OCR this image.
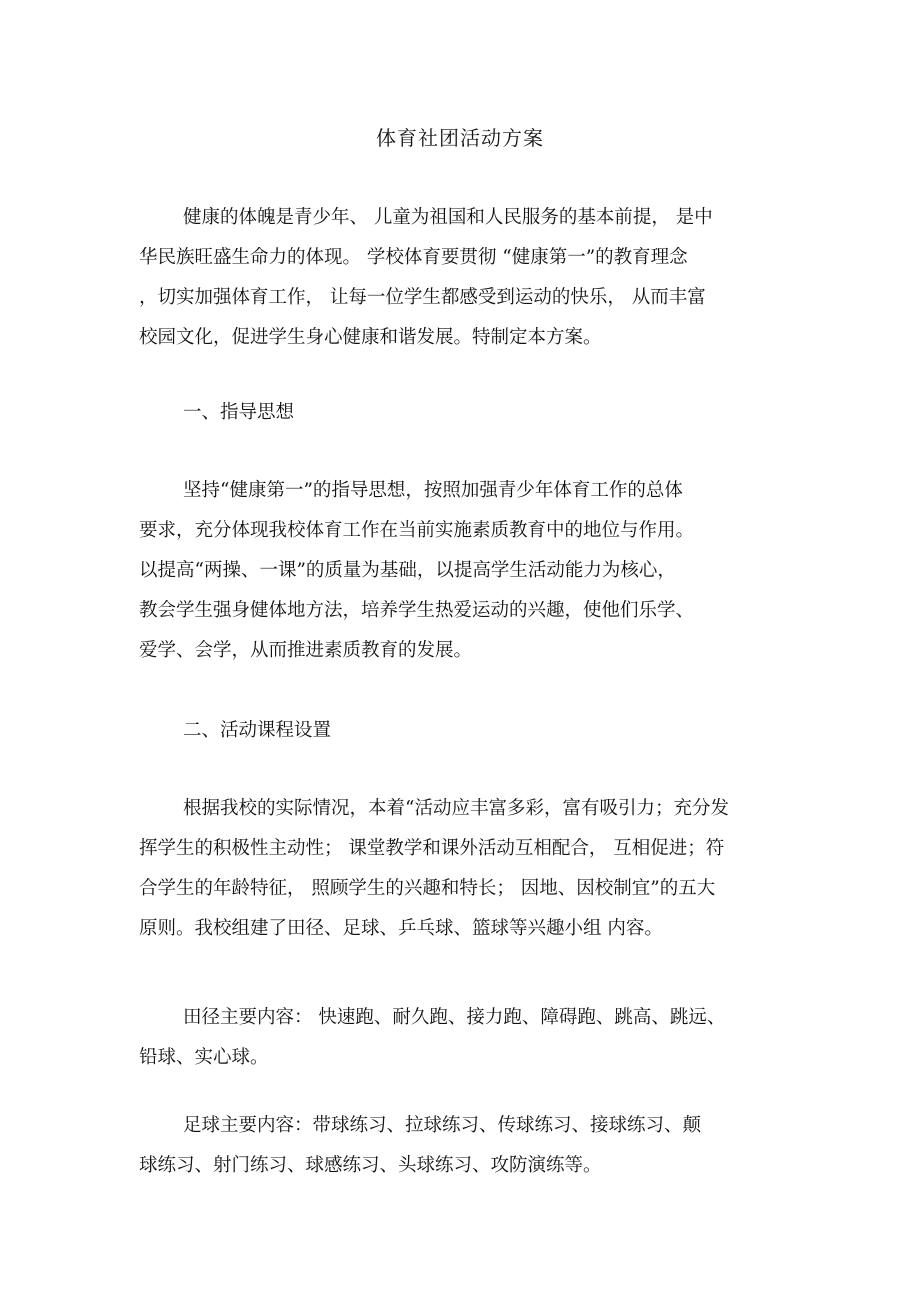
体育社团活动方案
健康的体魄是青少年、 儿童为祖国和人民服务的基本前提， 是中
华民族旺盛生命力的体现。 学校体育要贯彻 “健康第一”的教育理念
，切实加强体育工作， 让每一位学生都感受到运动的快乐， 从而丰富
校园文化，促进学生身心健康和谐发展。特制定本方案。
一、指导思想
坚持“健康第一”的指导思想，按照加强青少年体育工作的总体
要求，充分体现我校体育工作在当前实施素质教育中的地位与作用。
以提高“两操、一课”的质量为基础，以提高学生活动能力为核心，
教会学生强身健体地方法，培养学生热爱运动的兴趣，使他们乐学、
爱学、会学，从而推进素质教育的发展。
二、活动课程设置
根据我校的实际情况，本着“活动应丰富多彩，富有吸引力；充分发
挥学生的积极性主动性； 课堂教学和课外活动互相配合， 互相促进；符
合学生的年龄特征， 照顾学生的兴趣和特长； 因地、因校制宜”的五大
原则。我校组建了田径、足球、乒乓球、篮球等兴趣小组 内容。
田径主要内容： 快速跑、耐久跑、接力跑、障碍跑、跳高、跳远、
铅球、实心球。
足球主要内容：带球练习、拉球练习、传球练习、接球练习、颠
球练习、射门练习、球感练习、头球练习、攻防演练等。
